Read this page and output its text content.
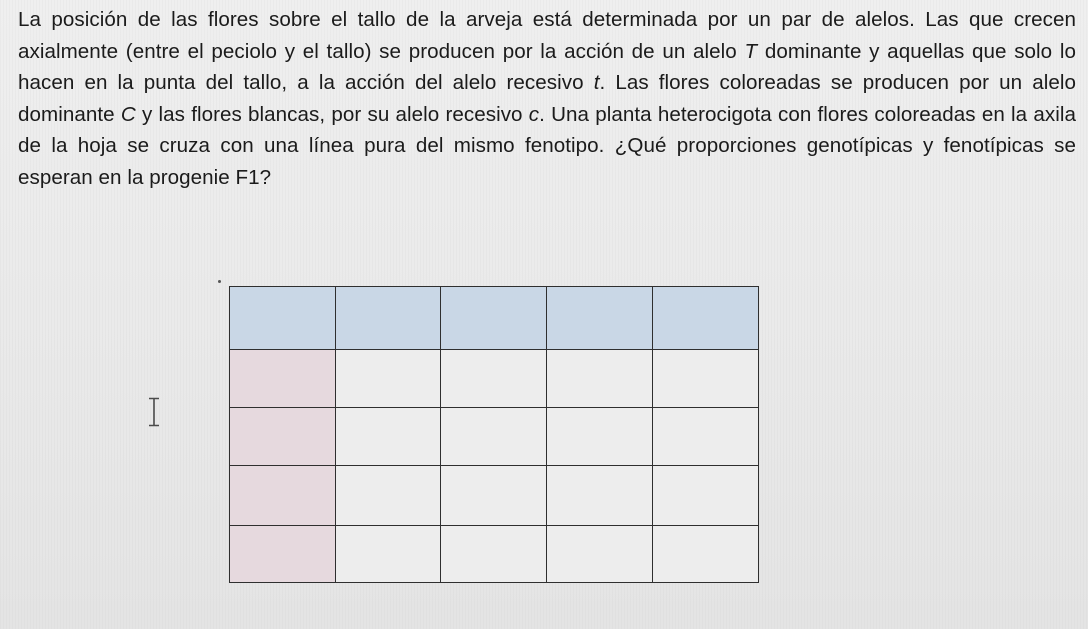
La posición de las flores sobre el tallo de la arveja está determinada por un par de alelos. Las que crecen axialmente (entre el peciolo y el tallo) se producen por la acción de un alelo T dominante y aquellas que solo lo hacen en la punta del tallo, a la acción del alelo recesivo t. Las flores coloreadas se producen por un alelo dominante C y las flores blancas, por su alelo recesivo c. Una planta heterocigota con flores coloreadas en la axila de la hoja se cruza con una línea pura del mismo fenotipo. ¿Qué proporciones genotípicas y fenotípicas se esperan en la progenie F1?
